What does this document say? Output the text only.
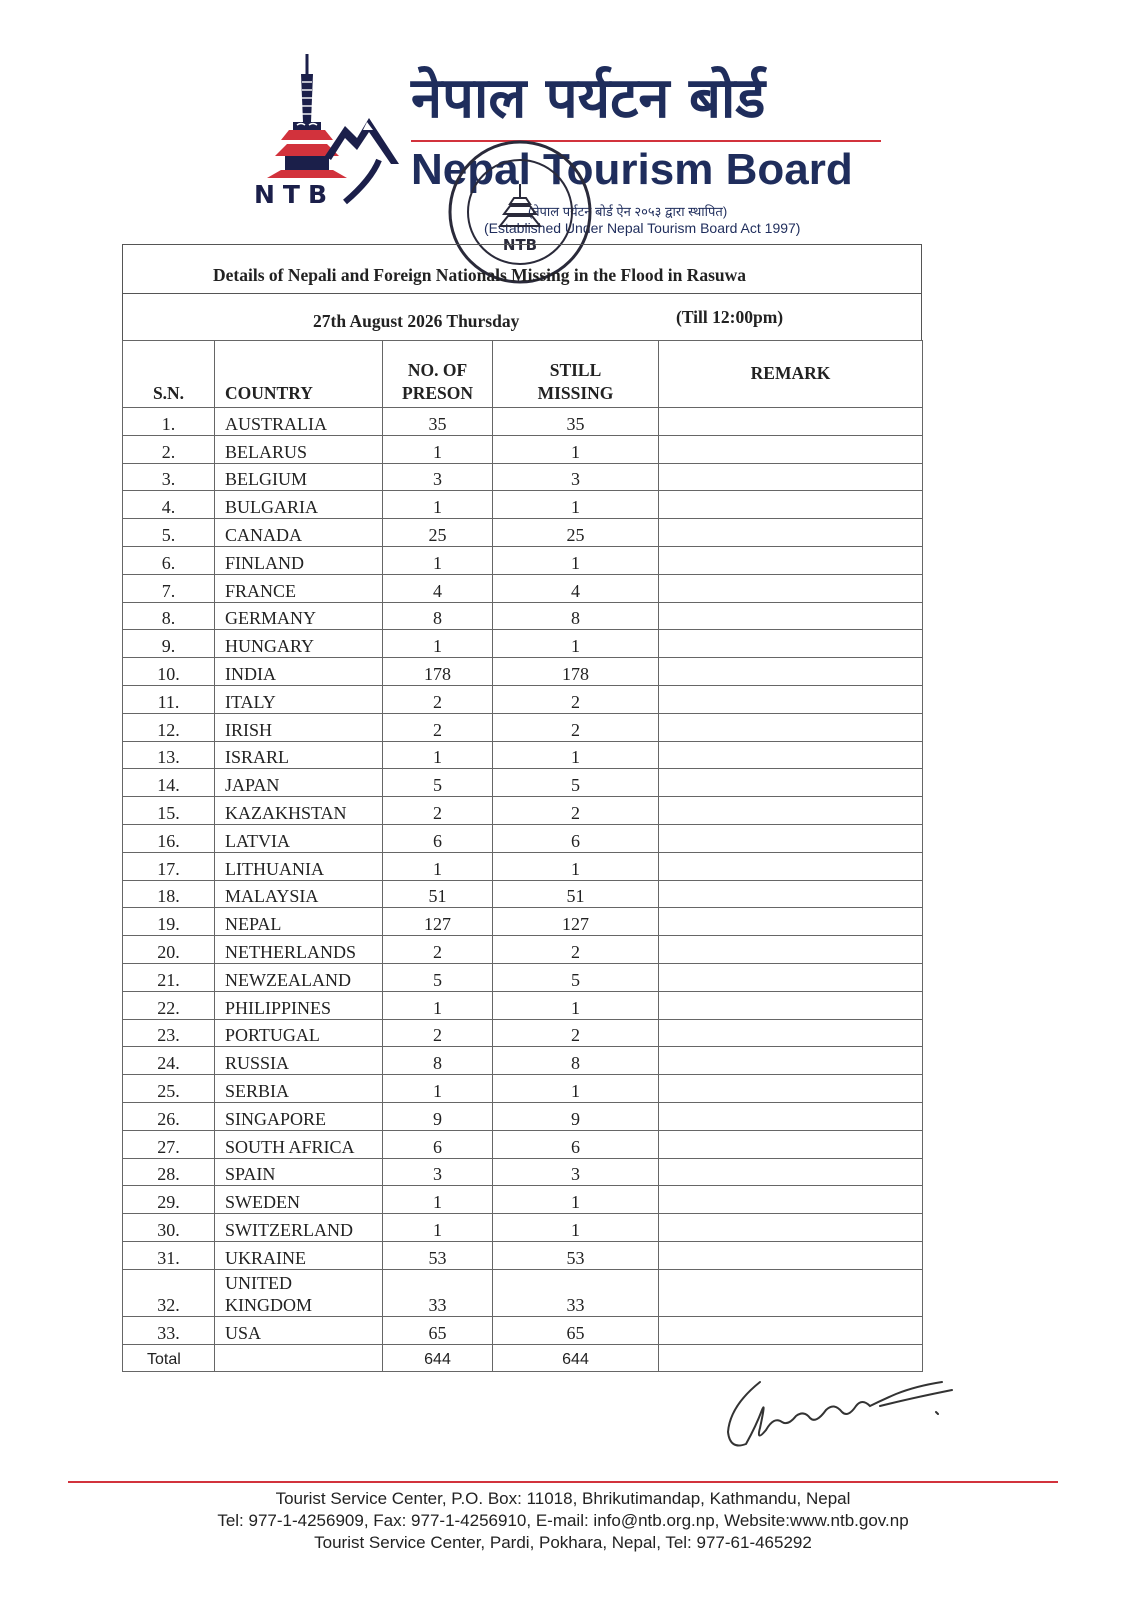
NTB
नेपाल पर्यटन बोर्ड
Nepal Tourism Board
(नेपाल पर्यटन बोर्ड ऐन २०५३ द्वारा स्थापित)
(Established Under Nepal Tourism Board Act 1997)
NTB
Details of Nepali and Foreign Nationals Missing in the Flood in Rasuwa
27th August 2026 Thursday	(Till 12:00pm)
S.N.	COUNTRY	NO. OF PRESON	STILL MISSING	REMARK
1.	AUSTRALIA	35	35	
2.	BELARUS	1	1	
3.	BELGIUM	3	3	
4.	BULGARIA	1	1	
5.	CANADA	25	25	
6.	FINLAND	1	1	
7.	FRANCE	4	4	
8.	GERMANY	8	8	
9.	HUNGARY	1	1	
10.	INDIA	178	178	
11.	ITALY	2	2	
12.	IRISH	2	2	
13.	ISRARL	1	1	
14.	JAPAN	5	5	
15.	KAZAKHSTAN	2	2	
16.	LATVIA	6	6	
17.	LITHUANIA	1	1	
18.	MALAYSIA	51	51	
19.	NEPAL	127	127	
20.	NETHERLANDS	2	2	
21.	NEWZEALAND	5	5	
22.	PHILIPPINES	1	1	
23.	PORTUGAL	2	2	
24.	RUSSIA	8	8	
25.	SERBIA	1	1	
26.	SINGAPORE	9	9	
27.	SOUTH AFRICA	6	6	
28.	SPAIN	3	3	
29.	SWEDEN	1	1	
30.	SWITZERLAND	1	1	
31.	UKRAINE	53	53	
32.	UNITED KINGDOM	33	33	
33.	USA	65	65	
Total		644	644	
Tourist Service Center, P.O. Box: 11018, Bhrikutimandap, Kathmandu, Nepal
Tel: 977-1-4256909, Fax: 977-1-4256910, E-mail: info@ntb.org.np, Website:www.ntb.gov.np
Tourist Service Center, Pardi, Pokhara, Nepal, Tel: 977-61-465292
